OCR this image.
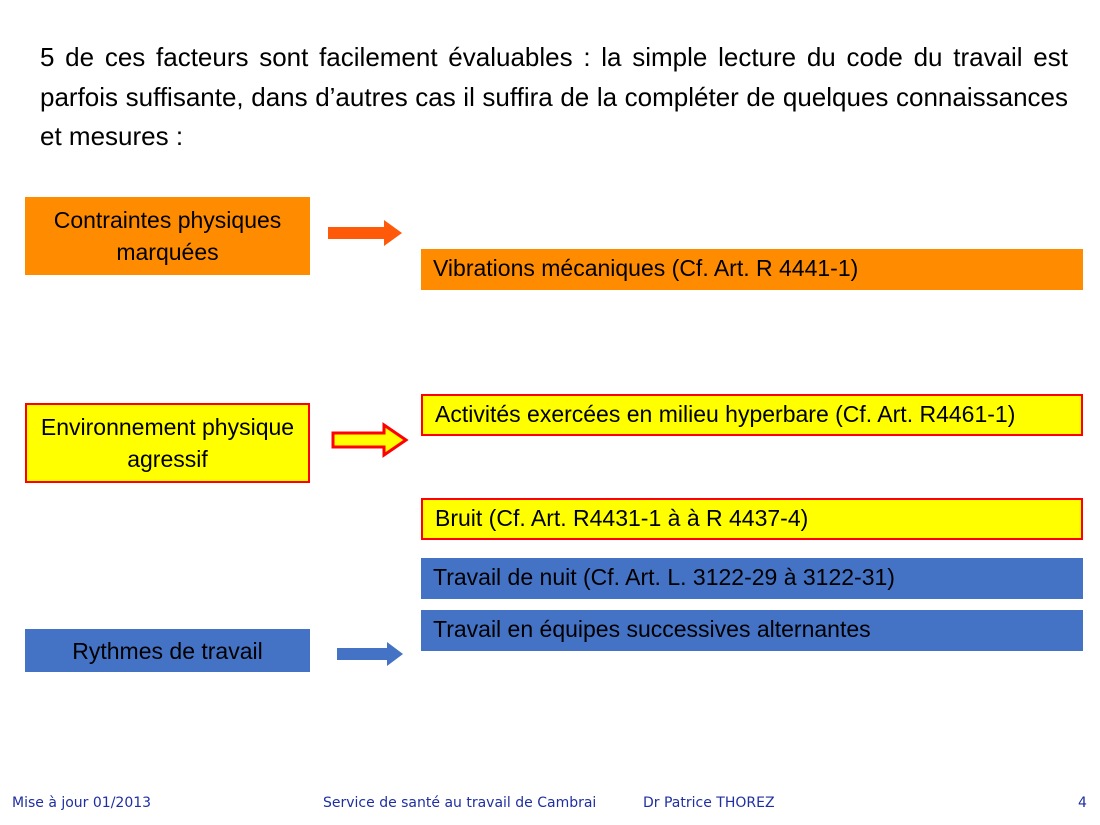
5 de ces facteurs sont facilement évaluables : la simple lecture du code du travail est parfois suffisante, dans d’autres cas il suffira de la compléter de quelques connaissances et mesures :

Contraintes physiques marquées
Environnement physique agressif
Rythmes de travail
Vibrations mécaniques (Cf. Art. R 4441-1)
Activités exercées en milieu hyperbare (Cf. Art. R4461-1)
Bruit (Cf. Art. R4431-1 à à R 4437-4)
Travail de nuit (Cf. Art. L. 3122-29 à 3122-31)
Travail en équipes successives alternantes
Mise à jour 01/2013	Service de santé au travail de Cambrai	Dr Patrice THOREZ	4
